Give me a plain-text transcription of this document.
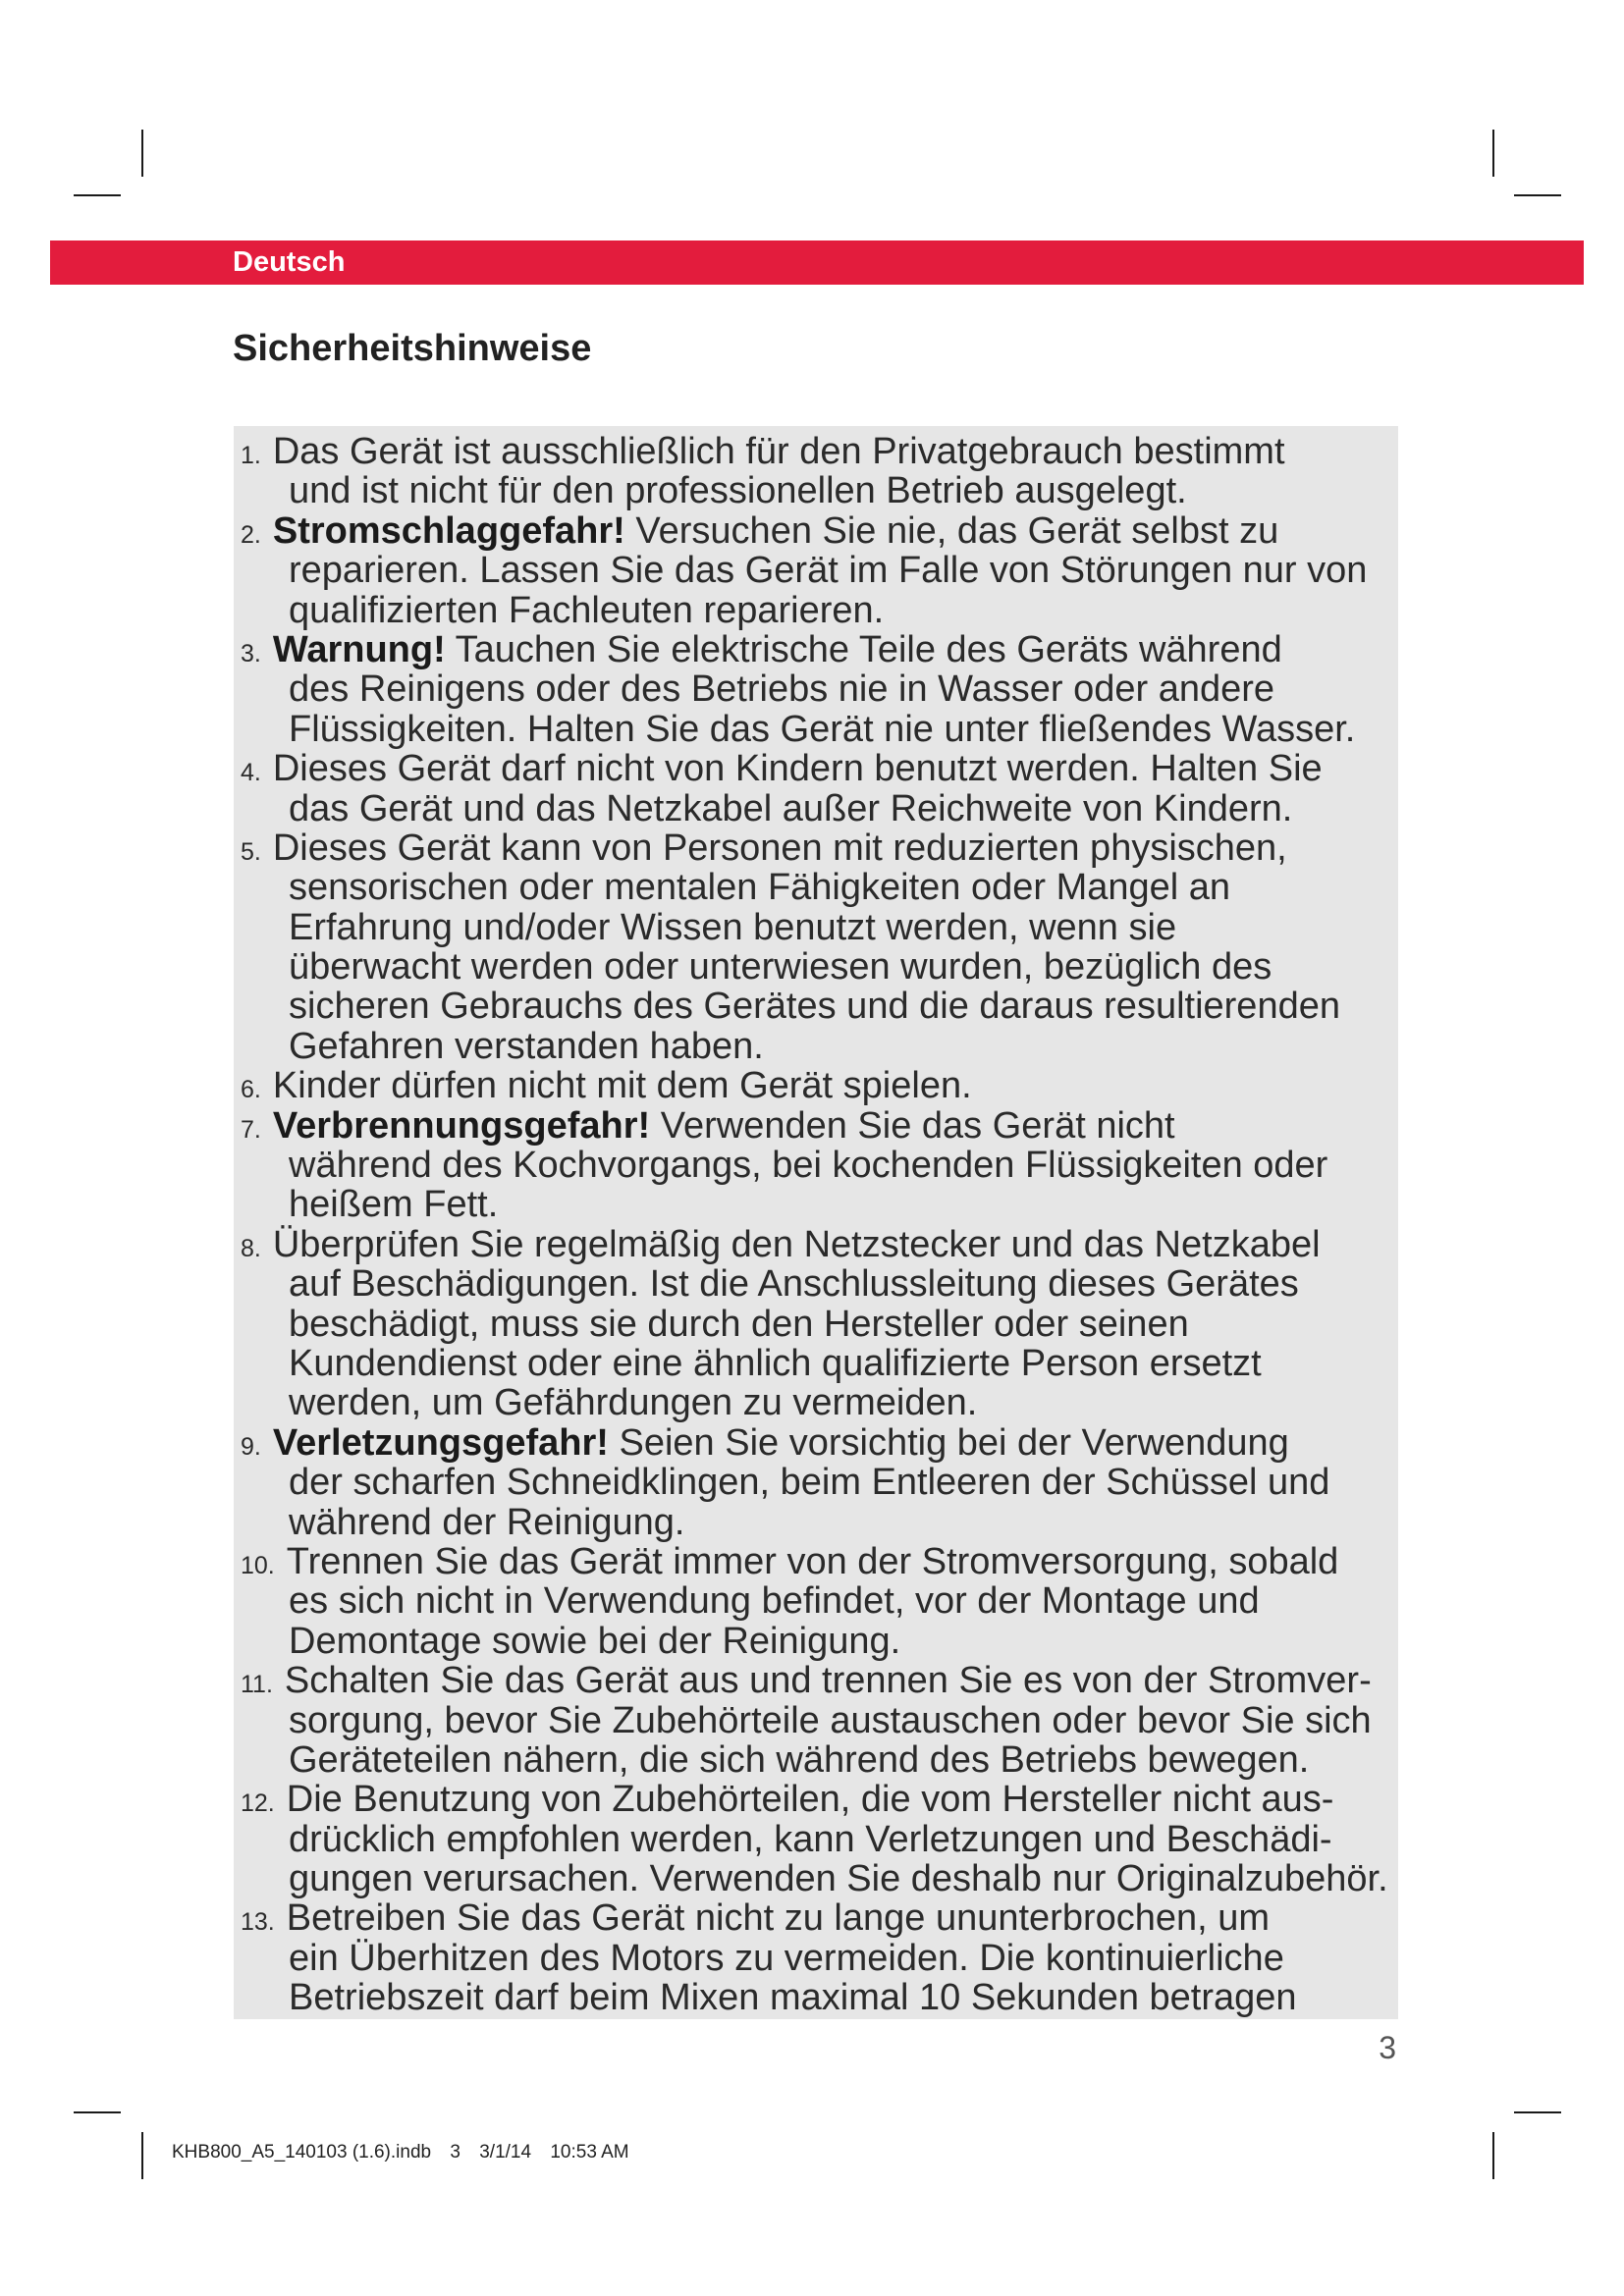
Deutsch
Sicherheitshinweise
1. Das Gerät ist ausschließlich für den Privatgebrauch bestimmt
und ist nicht für den professionellen Betrieb ausgelegt.
2. Stromschlaggefahr! Versuchen Sie nie, das Gerät selbst zu
reparieren. Lassen Sie das Gerät im Falle von Störungen nur von
qualifizierten Fachleuten reparieren.
3. Warnung! Tauchen Sie elektrische Teile des Geräts während
des Reinigens oder des Betriebs nie in Wasser oder andere
Flüssigkeiten. Halten Sie das Gerät nie unter fließendes Wasser.
4. Dieses Gerät darf nicht von Kindern benutzt werden. Halten Sie
das Gerät und das Netzkabel außer Reichweite von Kindern.
5. Dieses Gerät kann von Personen mit reduzierten physischen,
sensorischen oder mentalen Fähigkeiten oder Mangel an
Erfahrung und/oder Wissen benutzt werden, wenn sie
überwacht werden oder unterwiesen wurden, bezüglich des
sicheren Gebrauchs des Gerätes und die daraus resultierenden
Gefahren verstanden haben.
6. Kinder dürfen nicht mit dem Gerät spielen.
7. Verbrennungsgefahr! Verwenden Sie das Gerät nicht
während des Kochvorgangs, bei kochenden Flüssigkeiten oder
heißem Fett.
8. Überprüfen Sie regelmäßig den Netzstecker und das Netzkabel
auf Beschädigungen. Ist die Anschlussleitung dieses Gerätes
beschädigt, muss sie durch den Hersteller oder seinen
Kundendienst oder eine ähnlich qualifizierte Person ersetzt
werden, um Gefährdungen zu vermeiden.
9. Verletzungsgefahr! Seien Sie vorsichtig bei der Verwendung
der scharfen Schneidklingen, beim Entleeren der Schüssel und
während der Reinigung.
10. Trennen Sie das Gerät immer von der Stromversorgung, sobald
es sich nicht in Verwendung befindet, vor der Montage und
Demontage sowie bei der Reinigung.
11. Schalten Sie das Gerät aus und trennen Sie es von der Stromver-
sorgung, bevor Sie Zubehörteile austauschen oder bevor Sie sich
Geräteteilen nähern, die sich während des Betriebs bewegen.
12. Die Benutzung von Zubehörteilen, die vom Hersteller nicht aus-
drücklich empfohlen werden, kann Verletzungen und Beschädi-
gungen verursachen. Verwenden Sie deshalb nur Originalzubehör.
13. Betreiben Sie das Gerät nicht zu lange ununterbrochen, um
ein Überhitzen des Motors zu vermeiden. Die kontinuierliche
Betriebszeit darf beim Mixen maximal 10 Sekunden betragen
3
KHB800_A5_140103 (1.6).indb 3 3/1/14 10:53 AM
